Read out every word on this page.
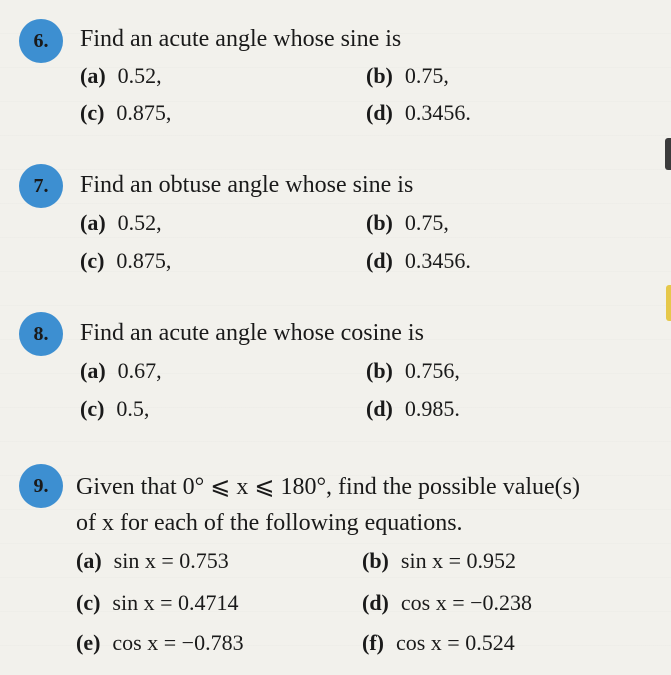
6.	Find an acute angle whose sine is
(a) 0.52,	(b) 0.75,
(c) 0.875,	(d) 0.3456.
7.	Find an obtuse angle whose sine is
(a) 0.52,	(b) 0.75,
(c) 0.875,	(d) 0.3456.
8.	Find an acute angle whose cosine is
(a) 0.67,	(b) 0.756,
(c) 0.5,	(d) 0.985.
9.	Given that 0° ⩽ x ⩽ 180°, find the possible value(s)
of x for each of the following equations.
(a) sin x = 0.753	(b) sin x = 0.952
(c) sin x = 0.4714	(d) cos x = −0.238
(e) cos x = −0.783	(f) cos x = 0.524
